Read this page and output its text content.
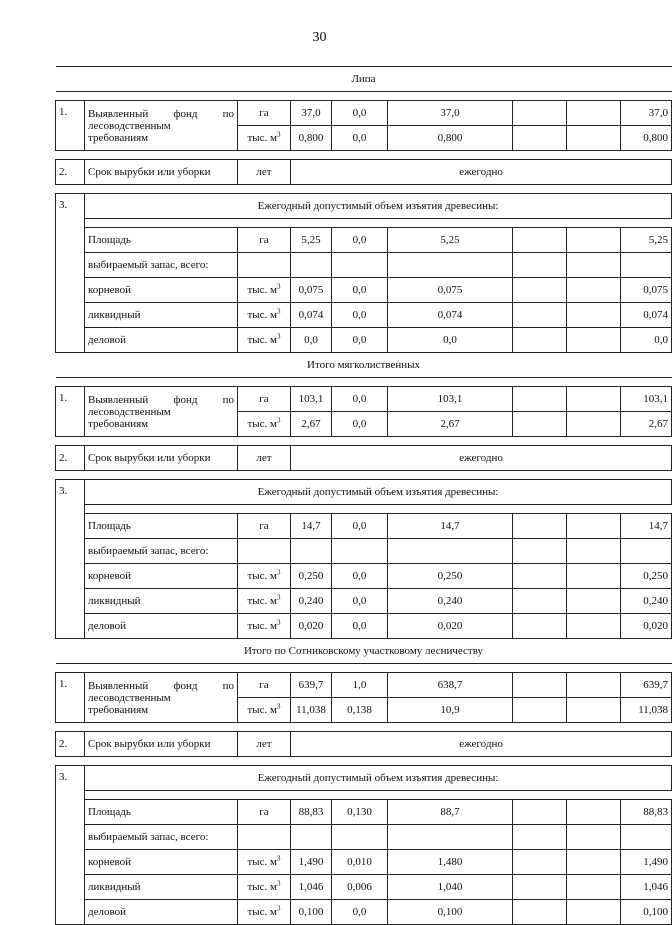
30
Липа								

1.	Выявленный фонд по
лесоводственным
требованиям	га	37,0	0,0	37,0			37,0
		тыс. $м^3$	0,800	0,0	0,800			0,800

2.	Срок вырубки или уборки	лет	ежегодно					

3.	Ежегодный допустимый объем изъятия древесины:							

	Площадь	га	5,25	0,0	5,25			5,25
	выбираемый запас, всего:							
	корневой	тыс. $м^3$	0,075	0,0	0,075			0,075
	ликвидный	тыс. $м^3$	0,074	0,0	0,074			0,074
	деловой	тыс. $м^3$	0,0	0,0	0,0			0,0
Итого мягколиственных								

1.	Выявленный фонд по
лесоводственным
требованиям	га	103,1	0,0	103,1			103,1
		тыс. $м^3$	2,67	0,0	2,67			2,67

2.	Срок вырубки или уборки	лет	ежегодно					

3.	Ежегодный допустимый объем изъятия древесины:							

	Площадь	га	14,7	0,0	14,7			14,7
	выбираемый запас, всего:							
	корневой	тыс. $м^3$	0,250	0,0	0,250			0,250
	ликвидный	тыс. $м^3$	0,240	0,0	0,240			0,240
	деловой	тыс. $м^3$	0,020	0,0	0,020			0,020
Итого по Сотниковскому участковому лесничеству								

1.	Выявленный фонд по
лесоводственным
требованиям	га	639,7	1,0	638,7			639,7
		тыс. $м^3$	11,038	0,138	10,9			11,038

2.	Срок вырубки или уборки	лет	ежегодно					

3.	Ежегодный допустимый объем изъятия древесины:							

	Площадь	га	88,83	0,130	88,7			88,83
	выбираемый запас, всего:							
	корневой	тыс. $м^3$	1,490	0,010	1,480			1,490
	ликвидный	тыс. $м^3$	1,046	0,006	1,040			1,046
	деловой	тыс. $м^3$	0,100	0,0	0,100			0,100
